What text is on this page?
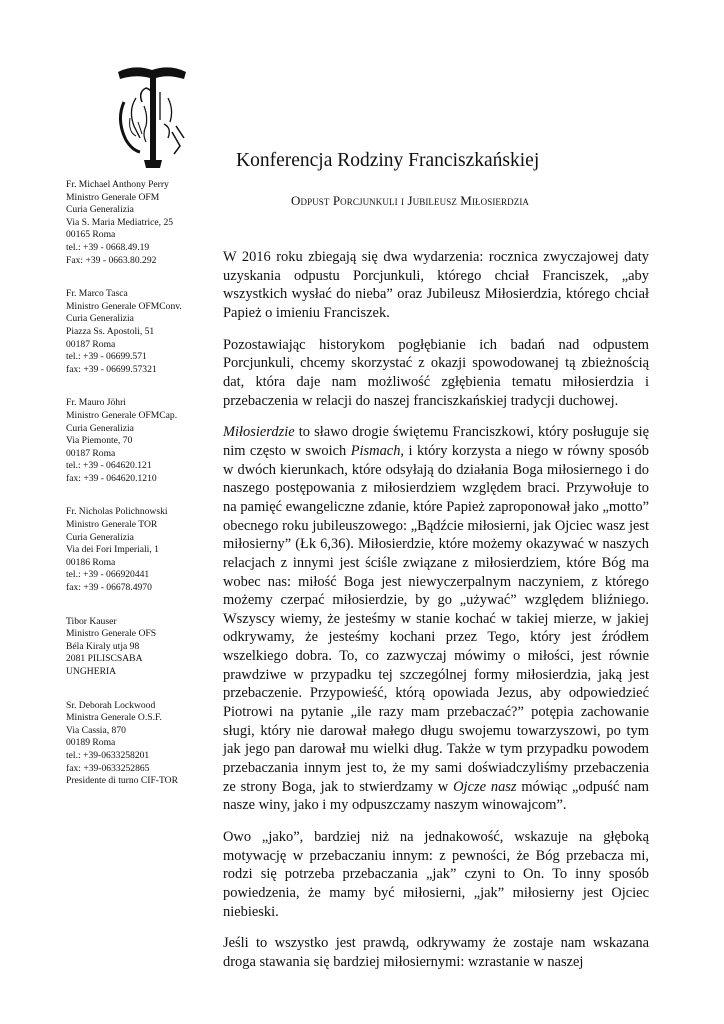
Fr. Michael Anthony Perry
Ministro Generale OFM
Curia Generalizia
Via S. Maria Mediatrice, 25
00165 Roma
tel.: +39 - 0668.49.19
Fax: +39 - 0663.80.292
Fr. Marco Tasca
Ministro Generale OFMConv.
Curia Generalizia
Piazza Ss. Apostoli, 51
00187 Roma
tel.: +39 - 06699.571
fax: +39 - 06699.57321
Fr. Mauro Jöhri
Ministro Generale OFMCap.
Curia Generalizia
Via Piemonte, 70
00187 Roma
tel.: +39 - 064620.121
fax: +39 - 064620.1210
Fr. Nicholas Polichnowski
Ministro Generale TOR
Curia Generalizia
Via dei Fori Imperiali, 1
00186 Roma
tel.: +39 - 066920441
fax: +39 - 06678.4970
Tibor Kauser
Ministro Generale OFS
Béla Kiraly utja 98
2081 PILISCSABA
UNGHERIA
Sr. Deborah Lockwood
Ministra Generale O.S.F.
Via Cassia, 870
00189 Roma
tel.: +39-0633258201
fax: +39-0633252865
Presidente di turno CIF-TOR
Konferencja Rodziny Franciszkańskiej
Odpust Porcjunkuli i Jubileusz Miłosierdzia

W 2016 roku zbiegają się dwa wydarzenia: rocznica zwyczajowej daty uzyskania odpustu Porcjunkuli, którego chciał Franciszek, „aby wszystkich wysłać do nieba” oraz Jubileusz Miłosierdzia, którego chciał Papież o imieniu Franciszek.

Pozostawiając historykom pogłębianie ich badań nad odpustem Porcjunkuli, chcemy skorzystać z okazji spowodowanej tą zbieżnością dat, która daje nam możliwość zgłębienia tematu miłosierdzia i przebaczenia w relacji do naszej franciszkańskiej tradycji duchowej.

Miłosierdzie to sławo drogie świętemu Franciszkowi, który posługuje się nim często w swoich Pismach, i który korzysta a niego w równy sposób w dwóch kierunkach, które odsyłają do działania Boga miłosiernego i do naszego postępowania z miłosierdziem względem braci. Przywołuje to na pamięć ewangeliczne zdanie, które Papież zaproponował jako „motto” obecnego roku jubileuszowego: „Bądźcie miłosierni, jak Ojciec wasz jest miłosierny” (Łk 6,36). Miłosierdzie, które możemy okazywać w naszych relacjach z innymi jest ściśle związane z miłosierdziem, które Bóg ma wobec nas: miłość Boga jest niewyczerpalnym naczyniem, z którego możemy czerpać miłosierdzie, by go „używać” względem bliźniego. Wszyscy wiemy, że jesteśmy w stanie kochać w takiej mierze, w jakiej odkrywamy, że jesteśmy kochani przez Tego, który jest źródłem wszelkiego dobra. To, co zazwyczaj mówimy o miłości, jest równie prawdziwe w przypadku tej szczególnej formy miłosierdzia, jaką jest przebaczenie. Przypowieść, którą opowiada Jezus, aby odpowiedzieć Piotrowi na pytanie „ile razy mam przebaczać?” potępia zachowanie sługi, który nie darował małego długu swojemu towarzyszowi, po tym jak jego pan darował mu wielki dług. Także w tym przypadku powodem przebaczania innym jest to, że my sami doświadczyliśmy przebaczenia ze strony Boga, jak to stwierdzamy w Ojcze nasz mówiąc „odpuść nam nasze winy, jako i my odpuszczamy naszym winowajcom”.

Owo „jako”, bardziej niż na jednakowość, wskazuje na głęboką motywację w przebaczaniu innym: z pewności, że Bóg przebacza mi, rodzi się potrzeba przebaczania „jak” czyni to On. To inny sposób powiedzenia, że mamy być miłosierni, „jak” miłosierny jest Ojciec niebieski.

Jeśli to wszystko jest prawdą, odkrywamy że zostaje nam wskazana droga stawania się bardziej miłosiernymi: wzrastanie w naszej
